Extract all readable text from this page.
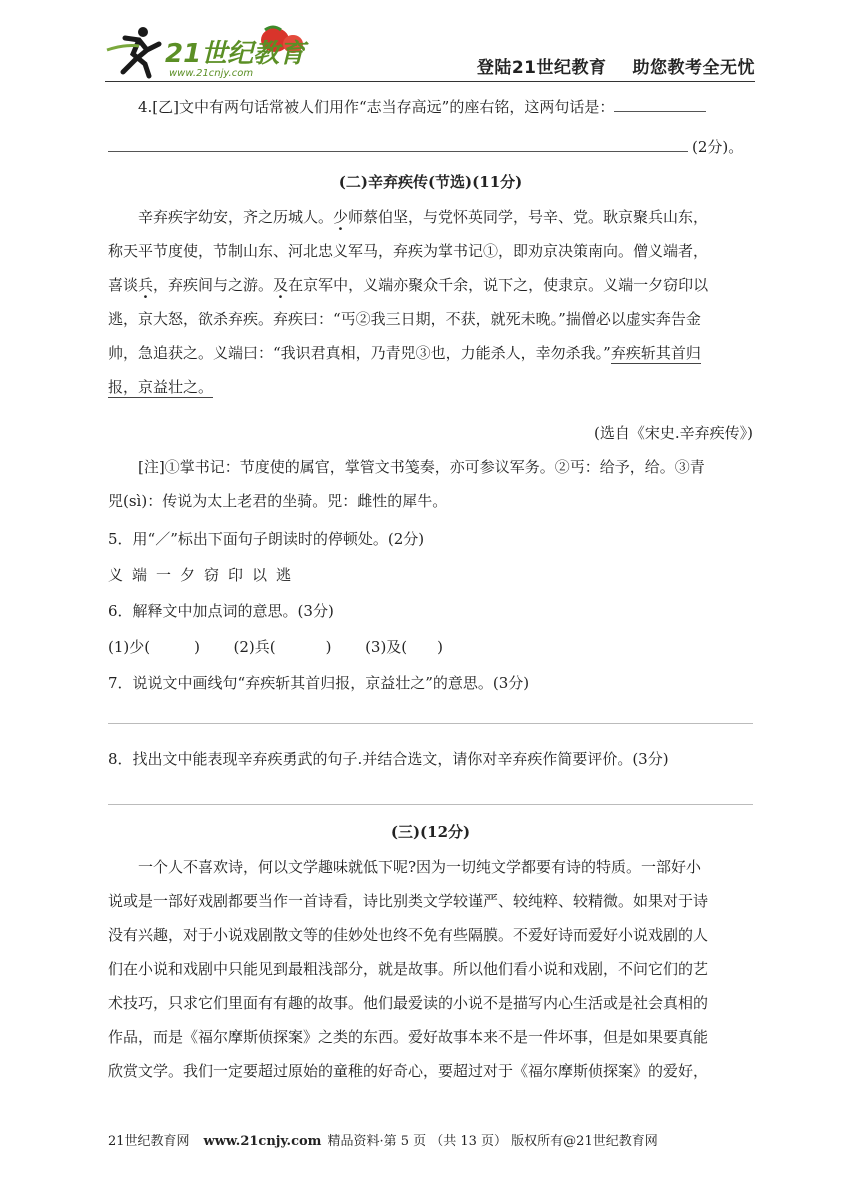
21世纪教育
www.21cnjy.com	登陆21世纪教育 助您教考全无忧
4.[乙]文中有两句话常被人们用作“志当存高远”的座右铭，这两句话是：
(2分)。
(二)辛弃疾传(节选)(11分)
辛弃疾字幼安，齐之历城人。少师蔡伯坚，与党怀英同学，号辛、党。耿京聚兵山东，
称天平节度使，节制山东、河北忠义军马，弃疾为掌书记①，即劝京决策南向。僧义端者，
喜谈兵，弃疾间与之游。及在京军中，义端亦聚众千余，说下之，使隶京。义端一夕窃印以
逃，京大怒，欲杀弃疾。弃疾曰：“丐②我三日期，不获，就死未晚。”揣僧必以虚实奔告金
帅，急追获之。义端曰：“我识君真相，乃青兕③也，力能杀人，幸勿杀我。”弃疾斩其首归
报，京益壮之。
(选自《宋史.辛弃疾传》)
[注]①掌书记：节度使的属官，掌管文书笺奏，亦可参议军务。②丐：给予，给。③青
兕(sì)：传说为太上老君的坐骑。兕：雌性的犀牛。
5．用“／”标出下面句子朗读时的停顿处。(2分)
义端一夕窃印以逃
6．解释文中加点词的意思。(3分)
(1)少(	) (2)兵(	) (3)及( )
7．说说文中画线句“弃疾斩其首归报，京益壮之”的意思。(3分)
8．找出文中能表现辛弃疾勇武的句子.并结合选文，请你对辛弃疾作简要评价。(3分)
(三)(12分)
一个人不喜欢诗，何以文学趣味就低下呢?因为一切纯文学都要有诗的特质。一部好小
说或是一部好戏剧都要当作一首诗看，诗比别类文学较谨严、较纯粹、较精微。如果对于诗
没有兴趣，对于小说戏剧散文等的佳妙处也终不免有些隔膜。不爱好诗而爱好小说戏剧的人
们在小说和戏剧中只能见到最粗浅部分，就是故事。所以他们看小说和戏剧，不问它们的艺
术技巧，只求它们里面有有趣的故事。他们最爱读的小说不是描写内心生活或是社会真相的
作品，而是《福尔摩斯侦探案》之类的东西。爱好故事本来不是一件坏事，但是如果要真能
欣赏文学。我们一定要超过原始的童稚的好奇心，要超过对于《福尔摩斯侦探案》的爱好，
21世纪教育网 www.21cnjy.com 精品资料·第 5 页 （共 13 页） 版权所有@21世纪教育网
